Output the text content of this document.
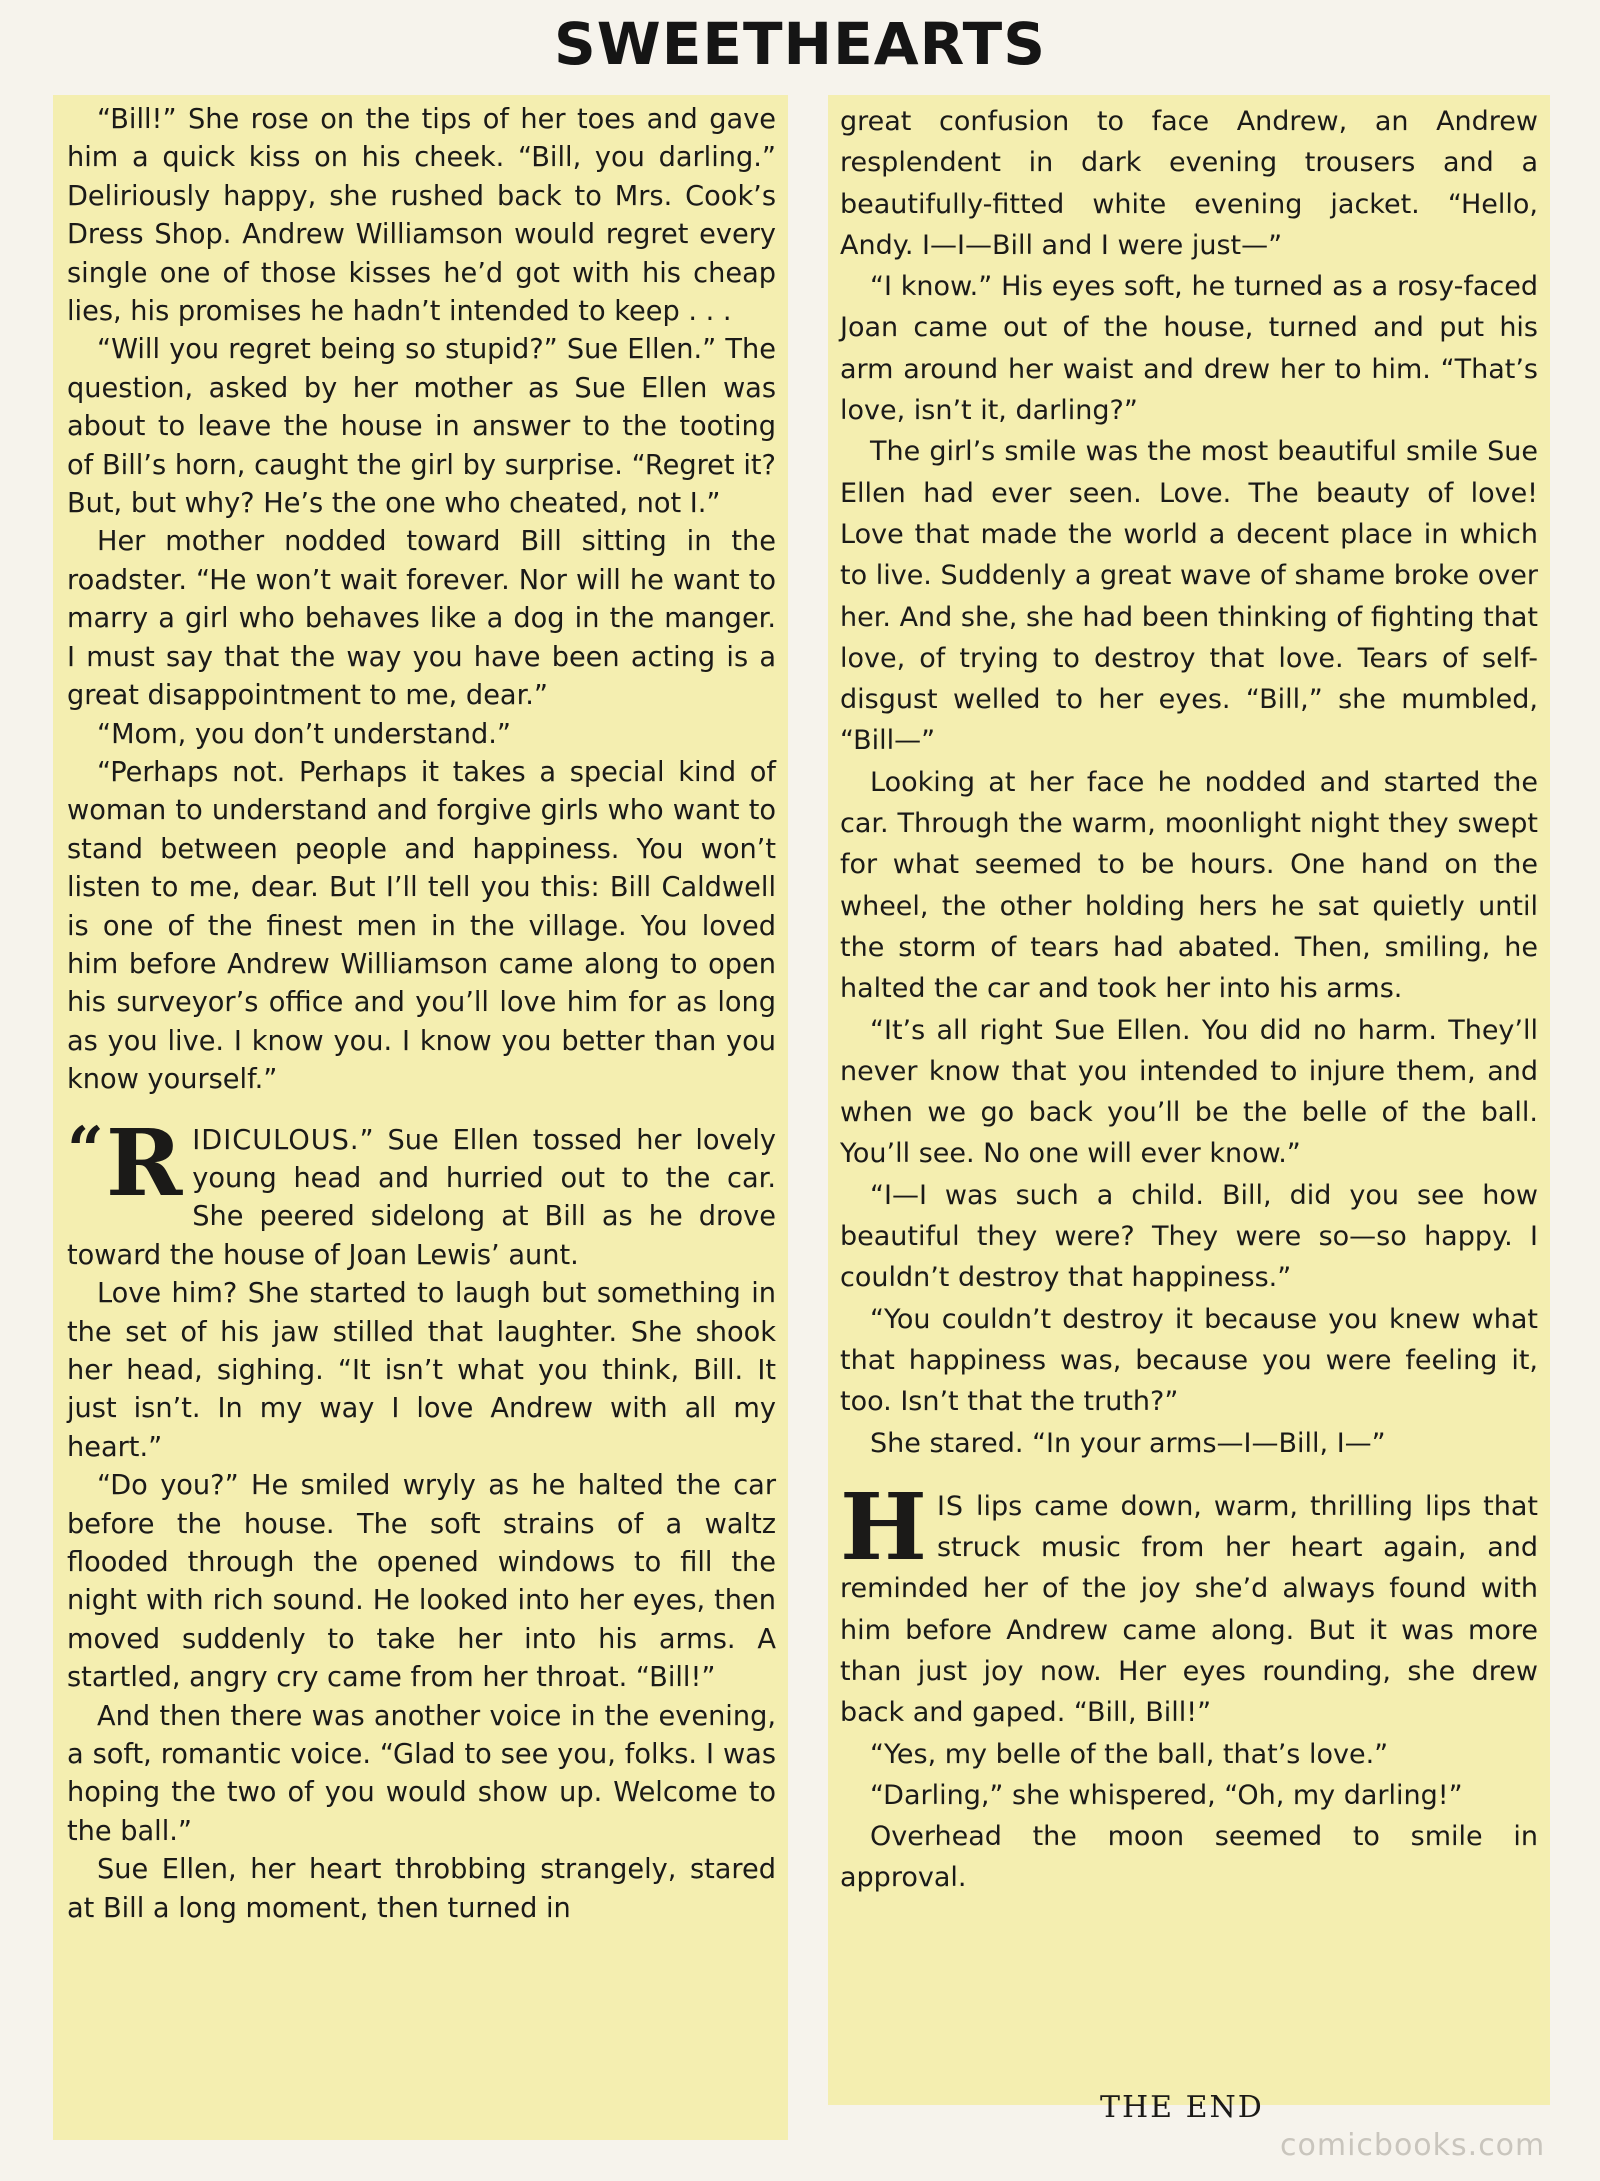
SWEETHEARTS

“Bill!” She rose on the tips of her toes and gave him a quick kiss on his cheek. “Bill, you darling.” Deliriously happy, she rushed back to Mrs. Cook’s Dress Shop. Andrew Williamson would regret every single one of those kisses he’d got with his cheap lies, his promises he hadn’t intended to keep . . .

“Will you regret being so stupid?” Sue Ellen.” The question, asked by her mother as Sue Ellen was about to leave the house in answer to the tooting of Bill’s horn, caught the girl by surprise. “Regret it? But, but why? He’s the one who cheated, not I.”

Her mother nodded toward Bill sitting in the roadster. “He won’t wait forever. Nor will he want to marry a girl who behaves like a dog in the manger. I must say that the way you have been acting is a great disappointment to me, dear.”

“Mom, you don’t understand.”

“Perhaps not. Perhaps it takes a special kind of woman to understand and forgive girls who want to stand between people and happiness. You won’t listen to me, dear. But I’ll tell you this: Bill Caldwell is one of the finest men in the village. You loved him before Andrew Williamson came along to open his surveyor’s office and you’ll love him for as long as you live. I know you. I know you better than you know yourself.”

“ R IDICULOUS.” Sue Ellen tossed her lovely young head and hurried out to the car. She peered sidelong at Bill as he drove toward the house of Joan Lewis’ aunt.

Love him? She started to laugh but something in the set of his jaw stilled that laughter. She shook her head, sighing. “It isn’t what you think, Bill. It just isn’t. In my way I love Andrew with all my heart.”

“Do you?” He smiled wryly as he halted the car before the house. The soft strains of a waltz flooded through the opened windows to fill the night with rich sound. He looked into her eyes, then moved suddenly to take her into his arms. A startled, angry cry came from her throat. “Bill!”

And then there was another voice in the evening, a soft, romantic voice. “Glad to see you, folks. I was hoping the two of you would show up. Welcome to the ball.”

Sue Ellen, her heart throbbing strangely, stared at Bill a long moment, then turned in

great confusion to face Andrew, an Andrew resplendent in dark evening trousers and a beautifully-fitted white evening jacket. “Hello, Andy. I—I—Bill and I were just—”

“I know.” His eyes soft, he turned as a rosy-faced Joan came out of the house, turned and put his arm around her waist and drew her to him. “That’s love, isn’t it, darling?”

The girl’s smile was the most beautiful smile Sue Ellen had ever seen. Love. The beauty of love! Love that made the world a decent place in which to live. Suddenly a great wave of shame broke over her. And she, she had been thinking of fighting that love, of trying to destroy that love. Tears of self-disgust welled to her eyes. “Bill,” she mumbled, “Bill—”

Looking at her face he nodded and started the car. Through the warm, moonlight night they swept for what seemed to be hours. One hand on the wheel, the other holding hers he sat quietly until the storm of tears had abated. Then, smiling, he halted the car and took her into his arms.

“It’s all right Sue Ellen. You did no harm. They’ll never know that you intended to injure them, and when we go back you’ll be the belle of the ball. You’ll see. No one will ever know.”

“I—I was such a child. Bill, did you see how beautiful they were? They were so—so happy. I couldn’t destroy that happiness.”

“You couldn’t destroy it because you knew what that happiness was, because you were feeling it, too. Isn’t that the truth?”

She stared. “In your arms—I—Bill, I—”

HIS lips came down, warm, thrilling lips that struck music from her heart again, and reminded her of the joy she’d always found with him before Andrew came along. But it was more than just joy now. Her eyes rounding, she drew back and gaped. “Bill, Bill!”

“Yes, my belle of the ball, that’s love.”

“Darling,” she whispered, “Oh, my darling!”

Overhead the moon seemed to smile in approval.

THE END
comicbooks.com
